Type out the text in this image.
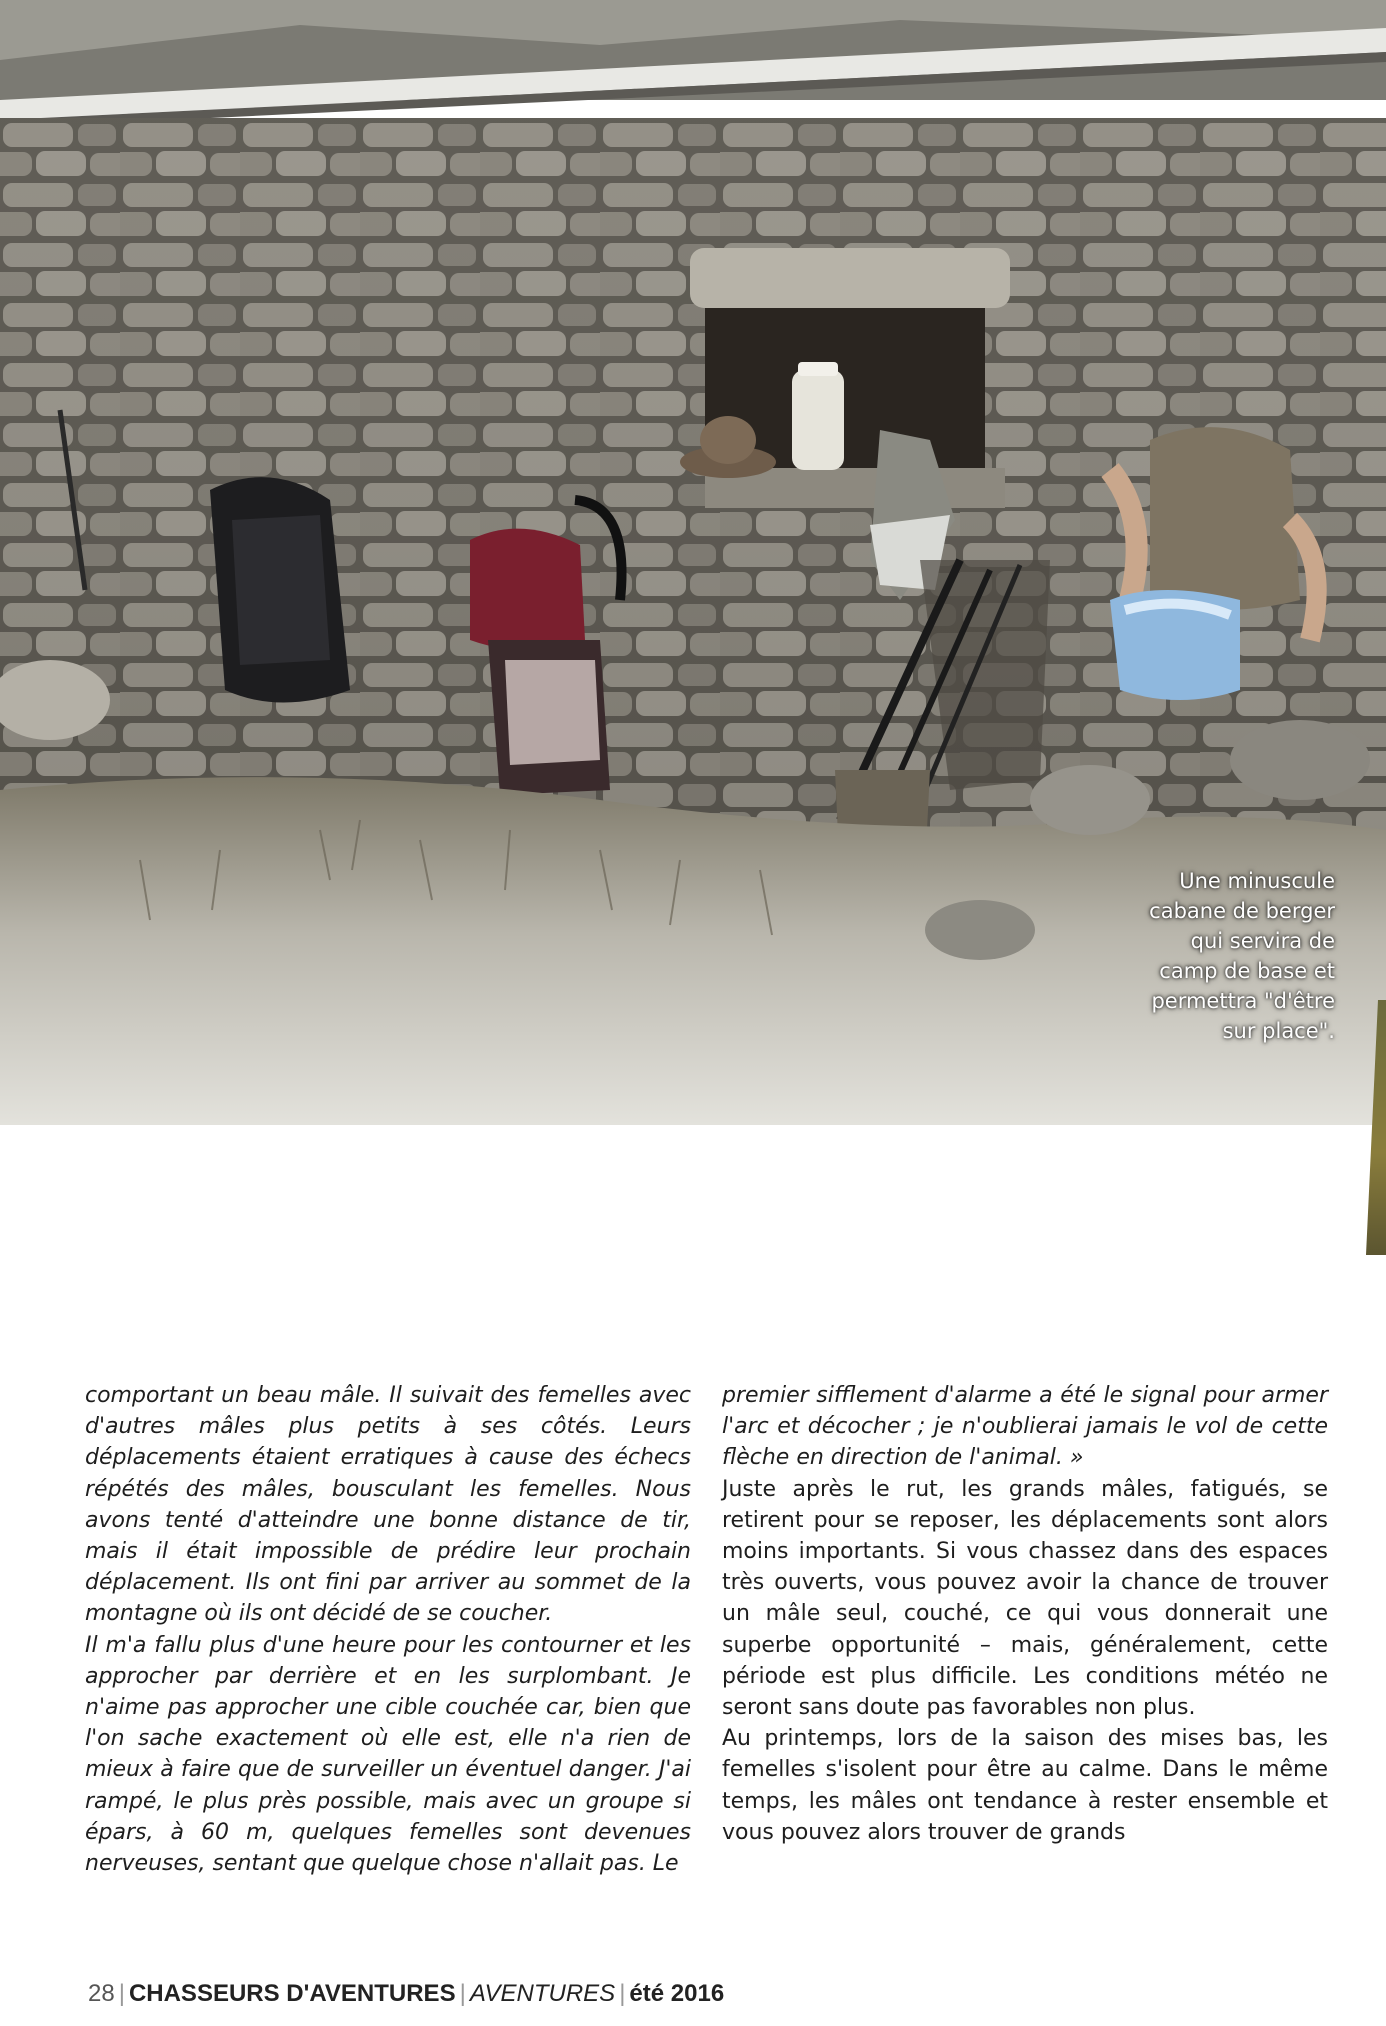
Une minuscule
cabane de berger
qui servira de
camp de base et
permettra "d'être
sur place".

comportant un beau mâle. Il suivait des femelles avec d'autres mâles plus petits à ses côtés. Leurs déplacements étaient erratiques à cause des échecs répétés des mâles, bousculant les femelles. Nous avons tenté d'atteindre une bonne distance de tir, mais il était impossible de prédire leur prochain déplacement. Ils ont fini par arriver au sommet de la montagne où ils ont décidé de se coucher.

Il m'a fallu plus d'une heure pour les contourner et les approcher par derrière et en les surplombant. Je n'aime pas approcher une cible couchée car, bien que l'on sache exactement où elle est, elle n'a rien de mieux à faire que de surveiller un éventuel danger. J'ai rampé, le plus près possible, mais avec un groupe si épars, à 60 m, quelques femelles sont devenues nerveuses, sentant que quelque chose n'allait pas. Le

premier sifflement d'alarme a été le signal pour armer l'arc et décocher ; je n'oublierai jamais le vol de cette flèche en direction de l'animal. »

Juste après le rut, les grands mâles, fatigués, se retirent pour se reposer, les déplacements sont alors moins importants. Si vous chassez dans des espaces très ouverts, vous pouvez avoir la chance de trouver un mâle seul, couché, ce qui vous donnerait une superbe opportunité – mais, généralement, cette période est plus difficile. Les conditions météo ne seront sans doute pas favorables non plus.

Au printemps, lors de la saison des mises bas, les femelles s'isolent pour être au calme. Dans le même temps, les mâles ont tendance à rester ensemble et vous pouvez alors trouver de grands

28 | CHASSEURS D'AVENTURES | AVENTURES | été 2016
